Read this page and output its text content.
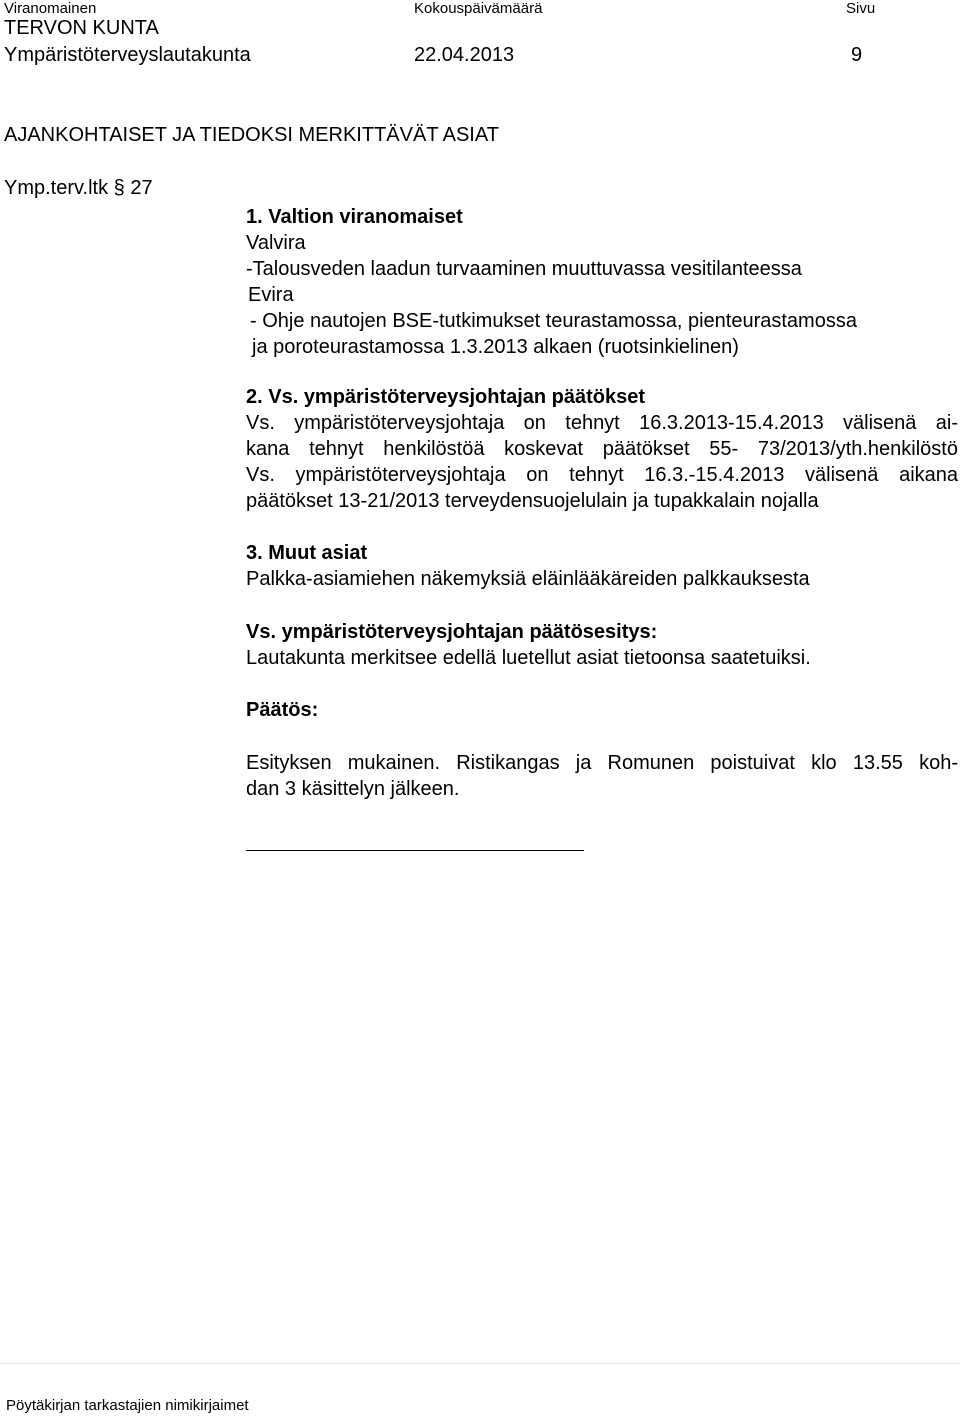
Viranomainen	Kokouspäivämäärä	Sivu
TERVON KUNTA
Ympäristöterveyslautakunta	22.04.2013	9
AJANKOHTAISET JA TIEDOKSI MERKITTÄVÄT ASIAT
Ymp.terv.ltk § 27
1. Valtion viranomaiset
Valvira
-Talousveden laadun turvaaminen muuttuvassa vesitilanteessa
Evira
- Ohje nautojen BSE-tutkimukset teurastamossa, pienteurastamossa
ja poroteurastamossa 1.3.2013 alkaen (ruotsinkielinen)
2. Vs. ympäristöterveysjohtajan päätökset
Vs. ympäristöterveysjohtaja on tehnyt 16.3.2013-15.4.2013 välisenä ai-
kana tehnyt henkilöstöä koskevat päätökset 55- 73/2013/yth.henkilöstö
Vs. ympäristöterveysjohtaja on tehnyt 16.3.-15.4.2013 välisenä aikana
päätökset 13-21/2013 terveydensuojelulain ja tupakkalain nojalla
3. Muut asiat
Palkka-asiamiehen näkemyksiä eläinlääkäreiden palkkauksesta
Vs. ympäristöterveysjohtajan päätösesitys:
Lautakunta merkitsee edellä luetellut asiat tietoonsa saatetuiksi.
Päätös:
Esityksen mukainen. Ristikangas ja Romunen poistuivat klo 13.55 koh-
dan 3 käsittelyn jälkeen.
Pöytäkirjan tarkastajien nimikirjaimet
